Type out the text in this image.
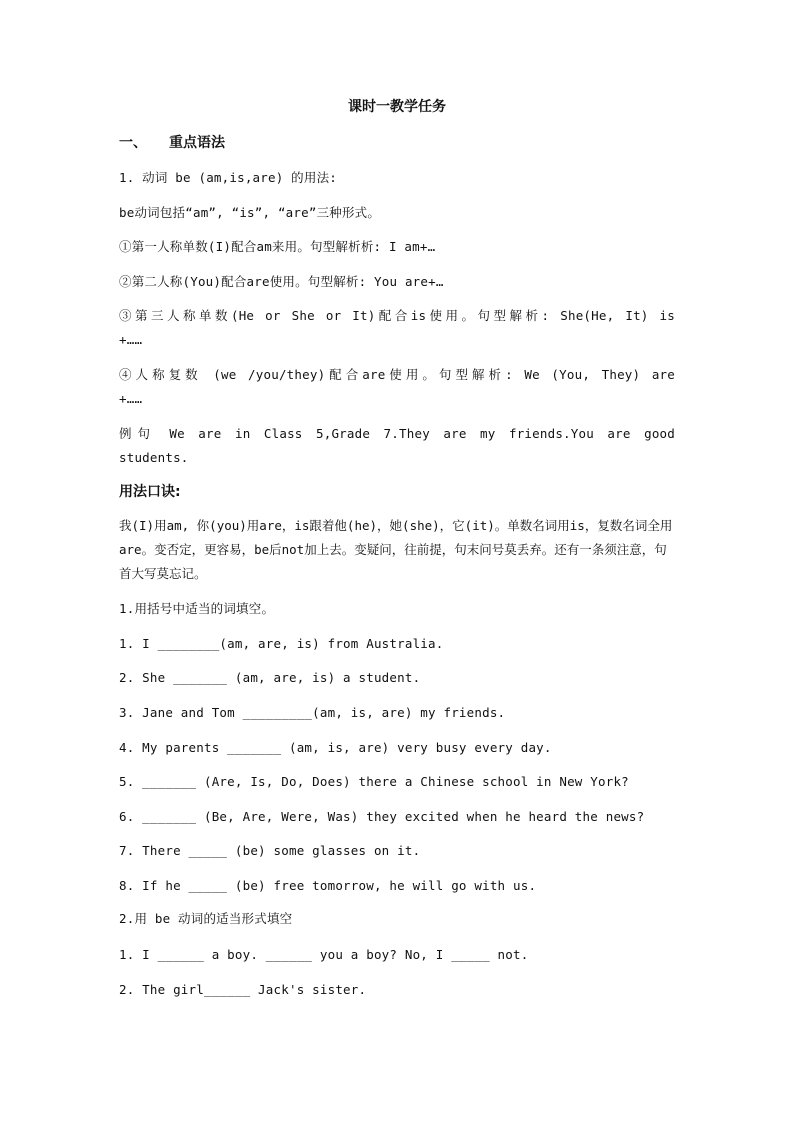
课时一教学任务
一、 重点语法
1. 动词 be (am,is,are) 的用法:
be动词包括“am”, “is”, “are”三种形式。
①第一人称单数(I)配合am来用。句型解析析: I am+…
②第二人称(You)配合are使用。句型解析: You are+…
③第三人称单数(He or She or It)配合is使用。句型解析: She(He, It) is
+……
④人称复数 (we /you/they)配合are使用。句型解析: We (You, They) are
+……
例句 We are in Class 5,Grade 7.They are my friends.You are good
students.
用法口诀:
我(I)用am, 你(you)用are，is跟着他(he)，她(she)，它(it)。单数名词用is，复数名词全用are。变否定，更容易，be后not加上去。变疑问，往前提，句末问号莫丢弃。还有一条须注意，句首大写莫忘记。
1.用括号中适当的词填空。
1. I ________(am, are, is) from Australia.
2. She _______ (am, are, is) a student.
3. Jane and Tom _________(am, is, are) my friends.
4. My parents _______ (am, is, are) very busy every day.
5. _______ (Are, Is, Do, Does) there a Chinese school in New York?
6. _______ (Be, Are, Were, Was) they excited when he heard the news?
7. There _____ (be) some glasses on it.
8. If he _____ (be) free tomorrow, he will go with us.
2.用 be 动词的适当形式填空
1. I ______ a boy. ______ you a boy? No, I _____ not.
2. The girl______ Jack's sister.
